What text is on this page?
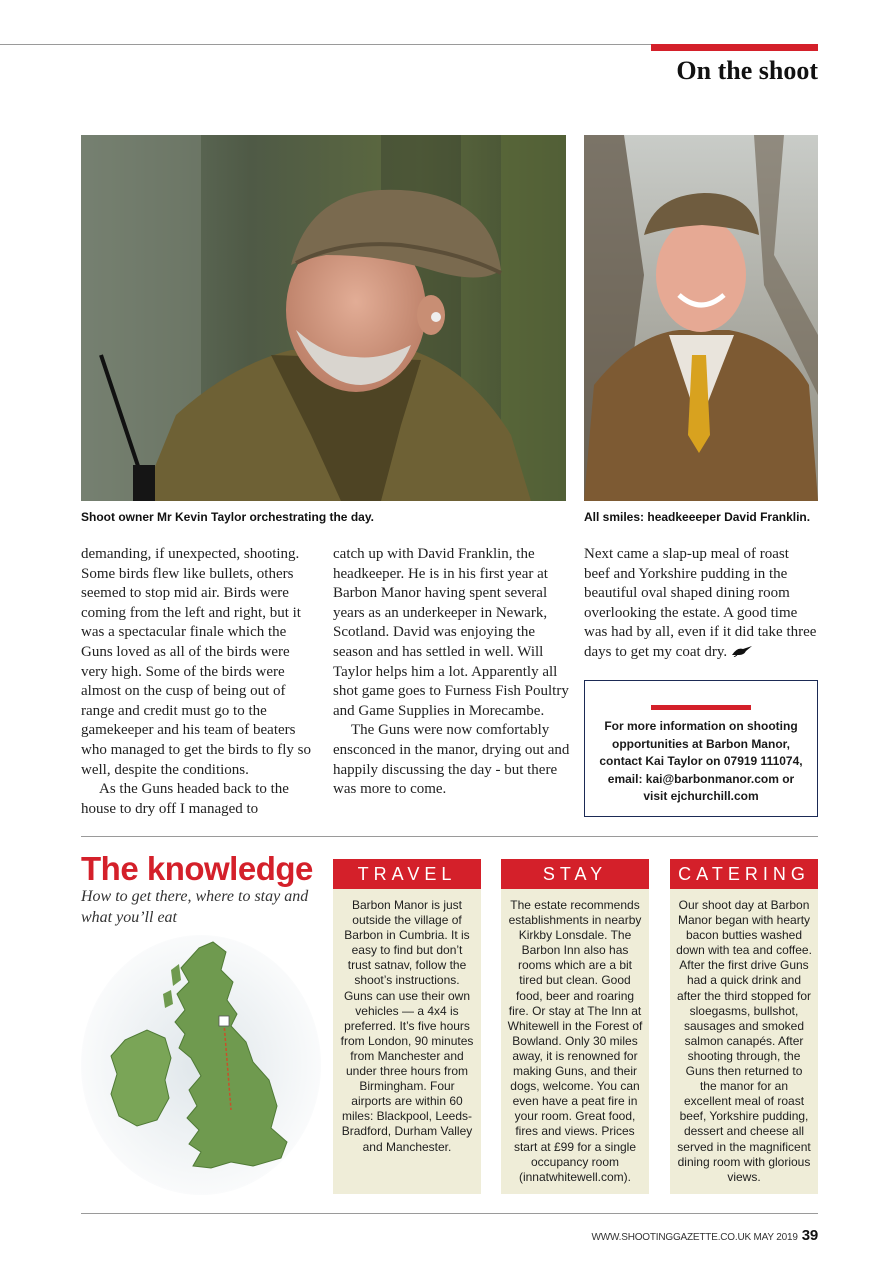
On the shoot
Shoot owner Mr Kevin Taylor orchestrating the day.	All smiles: headkeeeper David Franklin.

demanding, if unexpected, shooting. Some birds flew like bullets, others seemed to stop mid air. Birds were coming from the left and right, but it was a spectacular finale which the Guns loved as all of the birds were very high. Some of the birds were almost on the cusp of being out of range and credit must go to the gamekeeper and his team of beaters who managed to get the birds to fly so well, despite the conditions.

As the Guns headed back to the house to dry off I managed to

catch up with David Franklin, the headkeeper. He is in his first year at Barbon Manor having spent several years as an underkeeper in Newark, Scotland. David was enjoying the season and has settled in well. Will Taylor helps him a lot. Apparently all shot game goes to Furness Fish Poultry and Game Supplies in Morecambe.

The Guns were now comfortably ensconced in the manor, drying out and happily discussing the day - but there was more to come.

Next came a slap-up meal of roast beef and Yorkshire pudding in the beautiful oval shaped dining room overlooking the estate. A good time was had by all, even if it did take three days to get my coat dry.

For more information on shooting opportunities at Barbon Manor, contact Kai Taylor on 07919 111074, email: kai@barbonmanor.com or visit ejchurchill.com
The knowledge
How to get there, where to stay and what you’ll eat
TRAVEL
Barbon Manor is just outside the village of Barbon in Cumbria. It is easy to find but don’t trust satnav, follow the shoot’s instructions. Guns can use their own vehicles — a 4x4 is preferred. It’s five hours from London, 90 minutes from Manchester and under three hours from Birmingham. Four airports are within 60 miles: Blackpool, Leeds-Bradford, Durham Valley and Manchester.
STAY
The estate recommends establishments in nearby Kirkby Lonsdale. The Barbon Inn also has rooms which are a bit tired but clean. Good food, beer and roaring fire. Or stay at The Inn at Whitewell in the Forest of Bowland. Only 30 miles away, it is renowned for making Guns, and their dogs, welcome. You can even have a peat fire in your room. Great food, fires and views. Prices start at £99 for a single occupancy room (innatwhitewell.com).
CATERING
Our shoot day at Barbon Manor began with hearty bacon butties washed down with tea and coffee. After the first drive Guns had a quick drink and after the third stopped for sloegasms, bullshot, sausages and smoked salmon canapés. After shooting through, the Guns then returned to the manor for an excellent meal of roast beef, Yorkshire pudding, dessert and cheese all served in the magnificent dining room with glorious views.
WWW.SHOOTINGGAZETTE.CO.UK MAY 2019 39
